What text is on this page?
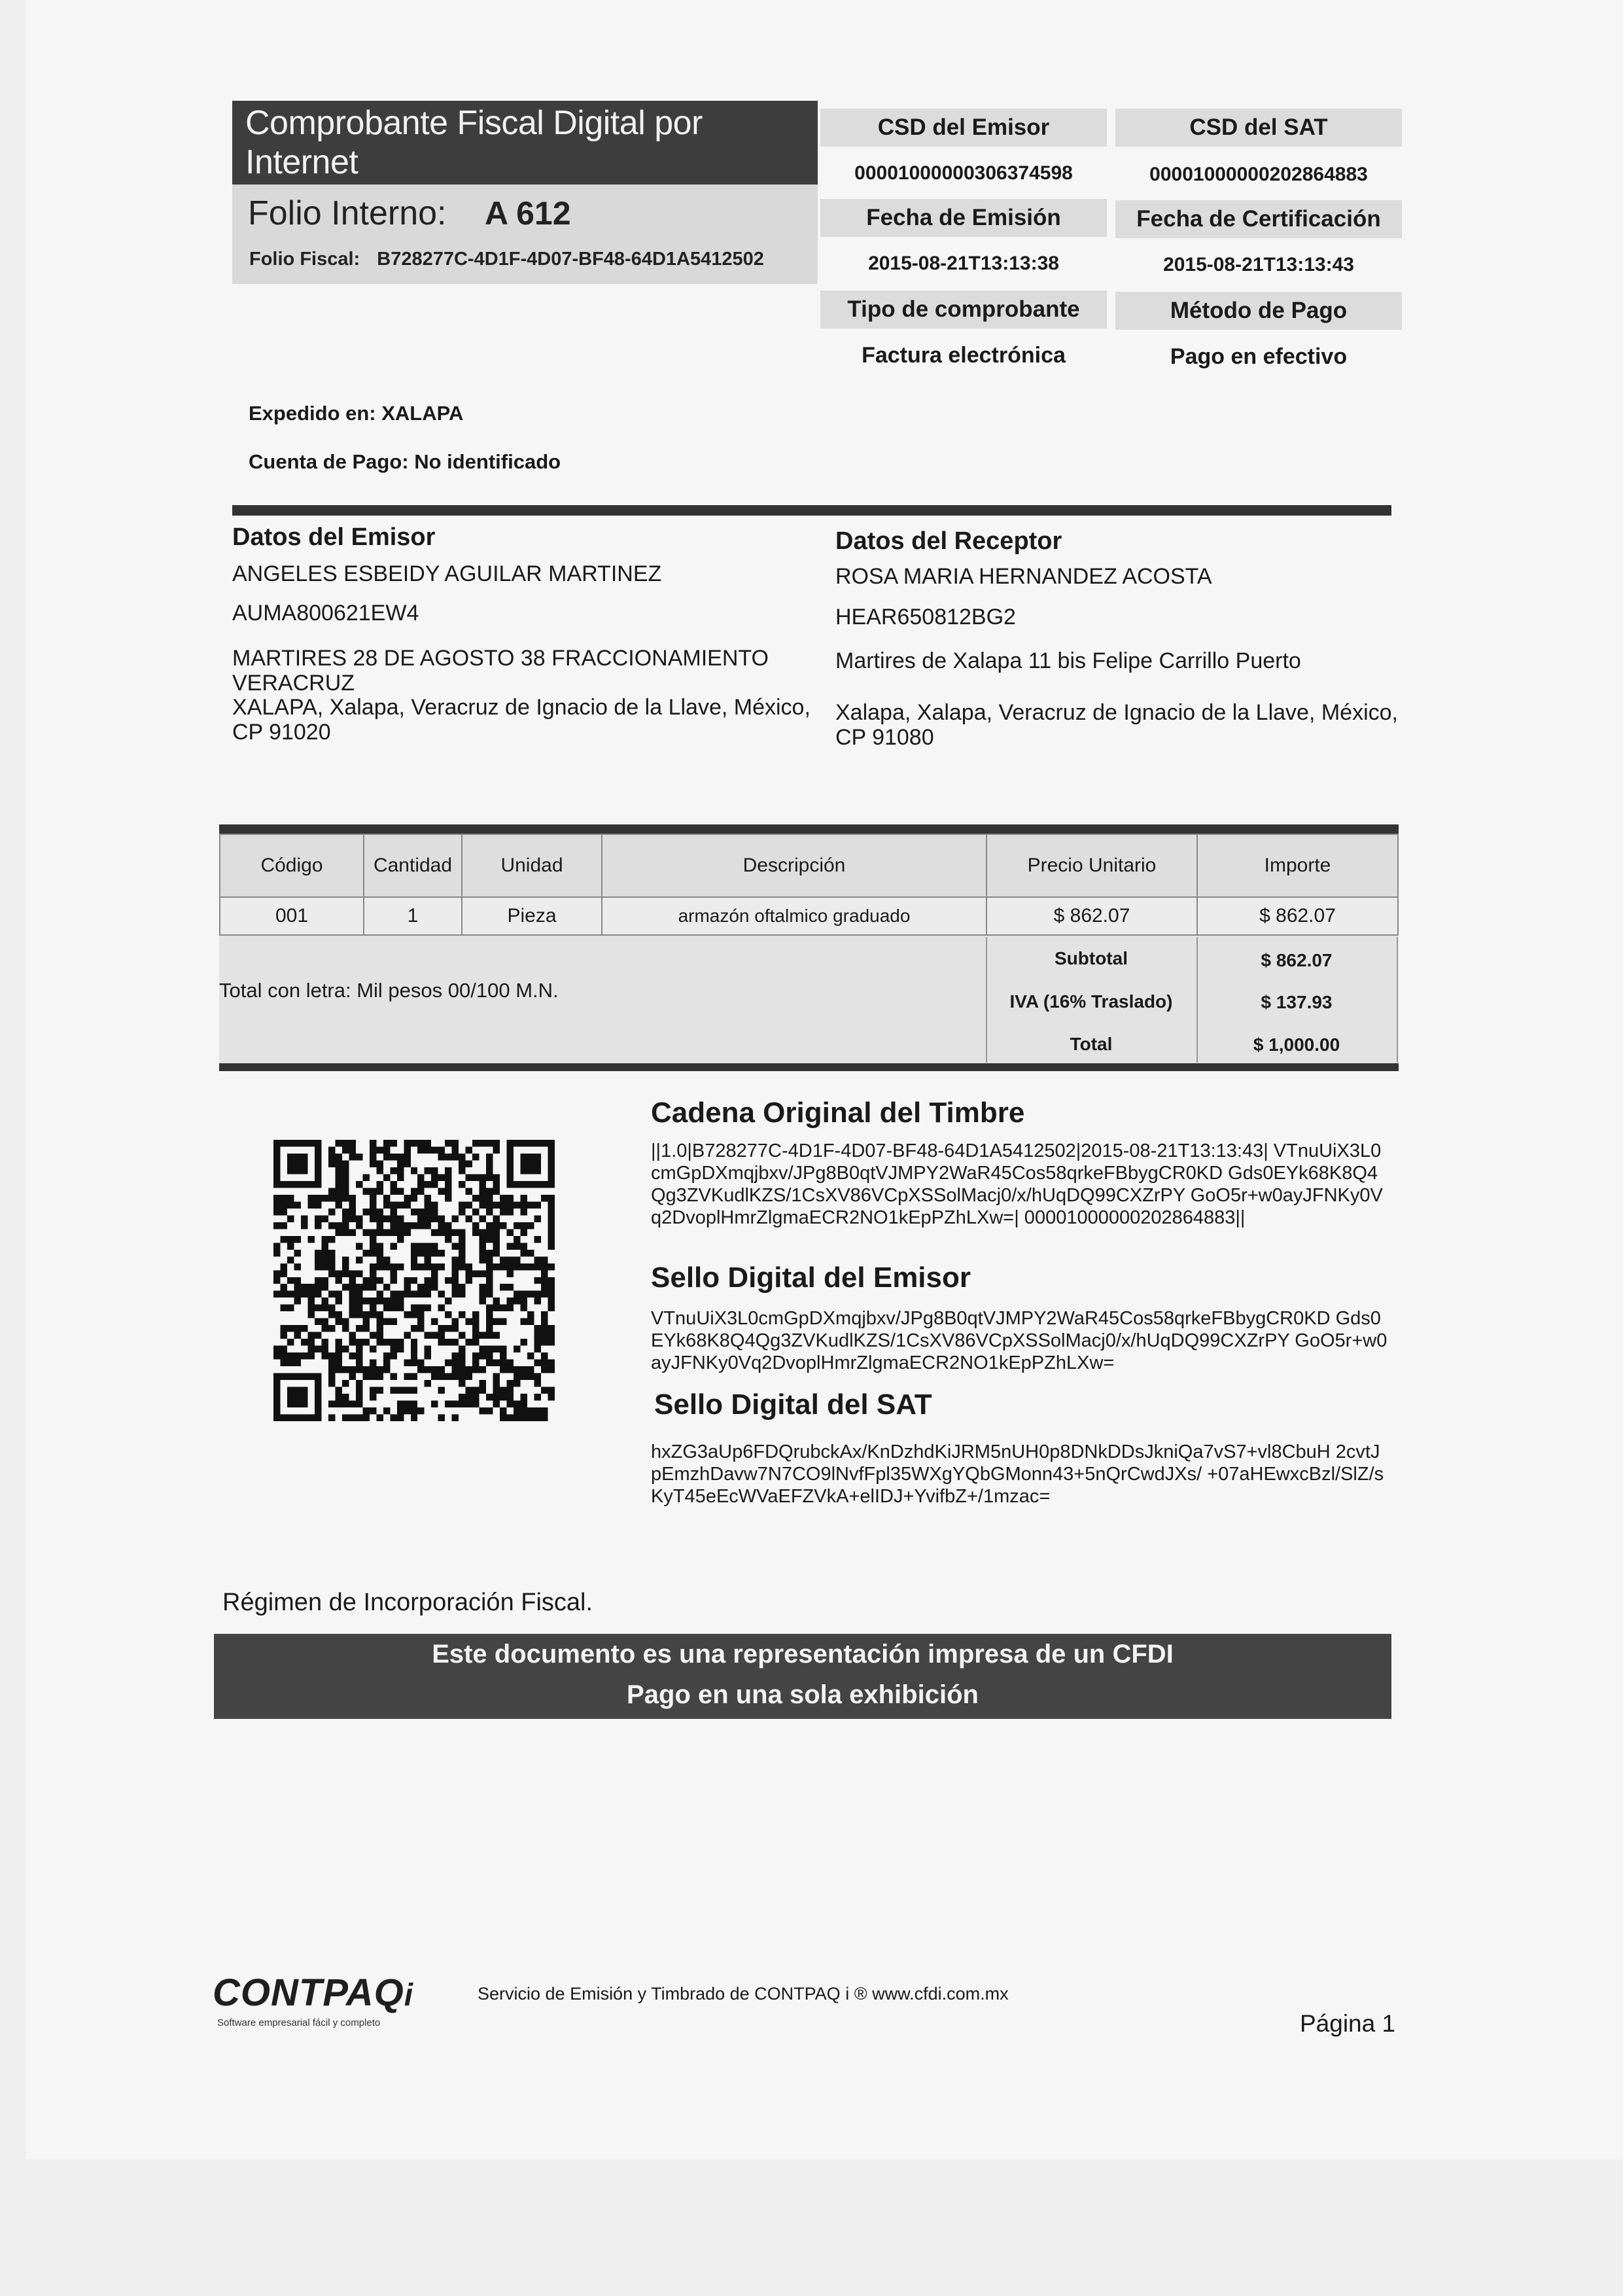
Comprobante Fiscal Digital por Internet
Folio Interno: A 612
Folio Fiscal: B728277C-4D1F-4D07-BF48-64D1A5412502
CSD del Emisor	CSD del SAT
00001000000306374598	00001000000202864883
Fecha de Emisión	Fecha de Certificación
2015-08-21T13:13:38	2015-08-21T13:13:43
Tipo de comprobante	Método de Pago
Factura electrónica	Pago en efectivo
Expedido en: XALAPA
Cuenta de Pago: No identificado
Datos del Emisor
ANGELES ESBEIDY AGUILAR MARTINEZ
AUMA800621EW4
MARTIRES 28 DE AGOSTO 38 FRACCIONAMIENTO VERACRUZ
XALAPA, Xalapa, Veracruz de Ignacio de la Llave, México, CP 91020
Datos del Receptor
ROSA MARIA HERNANDEZ ACOSTA
HEAR650812BG2
Martires de Xalapa 11 bis Felipe Carrillo Puerto
Xalapa, Xalapa, Veracruz de Ignacio de la Llave, México, CP 91080
Código	Cantidad	Unidad	Descripción	Precio Unitario	Importe
001	1	Pieza	armazón oftalmico graduado	$ 862.07	$ 862.07
Total con letra: Mil pesos 00/100 M.N.
Subtotal	$ 862.07
IVA (16% Traslado)	$ 137.93
Total	$ 1,000.00
Cadena Original del Timbre
||1.0|B728277C-4D1F-4D07-BF48-64D1A5412502|2015-08-21T13:13:43| VTnuUiX3L0cmGpDXmqjbxv/JPg8B0qtVJMPY2WaR45Cos58qrkeFBbygCR0KD Gds0EYk68K8Q4Qg3ZVKudlKZS/1CsXV86VCpXSSolMacj0/x/hUqDQ99CXZrPY GoO5r+w0ayJFNKy0Vq2DvoplHmrZlgmaECR2NO1kEpPZhLXw=| 00001000000202864883||
Sello Digital del Emisor
VTnuUiX3L0cmGpDXmqjbxv/JPg8B0qtVJMPY2WaR45Cos58qrkeFBbygCR0KD Gds0EYk68K8Q4Qg3ZVKudlKZS/1CsXV86VCpXSSolMacj0/x/hUqDQ99CXZrPY GoO5r+w0ayJFNKy0Vq2DvoplHmrZlgmaECR2NO1kEpPZhLXw=
Sello Digital del SAT
hxZG3aUp6FDQrubckAx/KnDzhdKiJRM5nUH0p8DNkDDsJkniQa7vS7+vl8CbuH 2cvtJpEmzhDavw7N7CO9lNvfFpl35WXgYQbGMonn43+5nQrCwdJXs/ +07aHEwxcBzl/SlZ/sKyT45eEcWVaEFZVkA+elIDJ+YvifbZ+/1mzac=
Régimen de Incorporación Fiscal.
Este documento es una representación impresa de un CFDI
Pago en una sola exhibición
CONTPAQi
Software empresarial fácil y completo
Servicio de Emisión y Timbrado de CONTPAQ i ® www.cfdi.com.mx
Página 1
